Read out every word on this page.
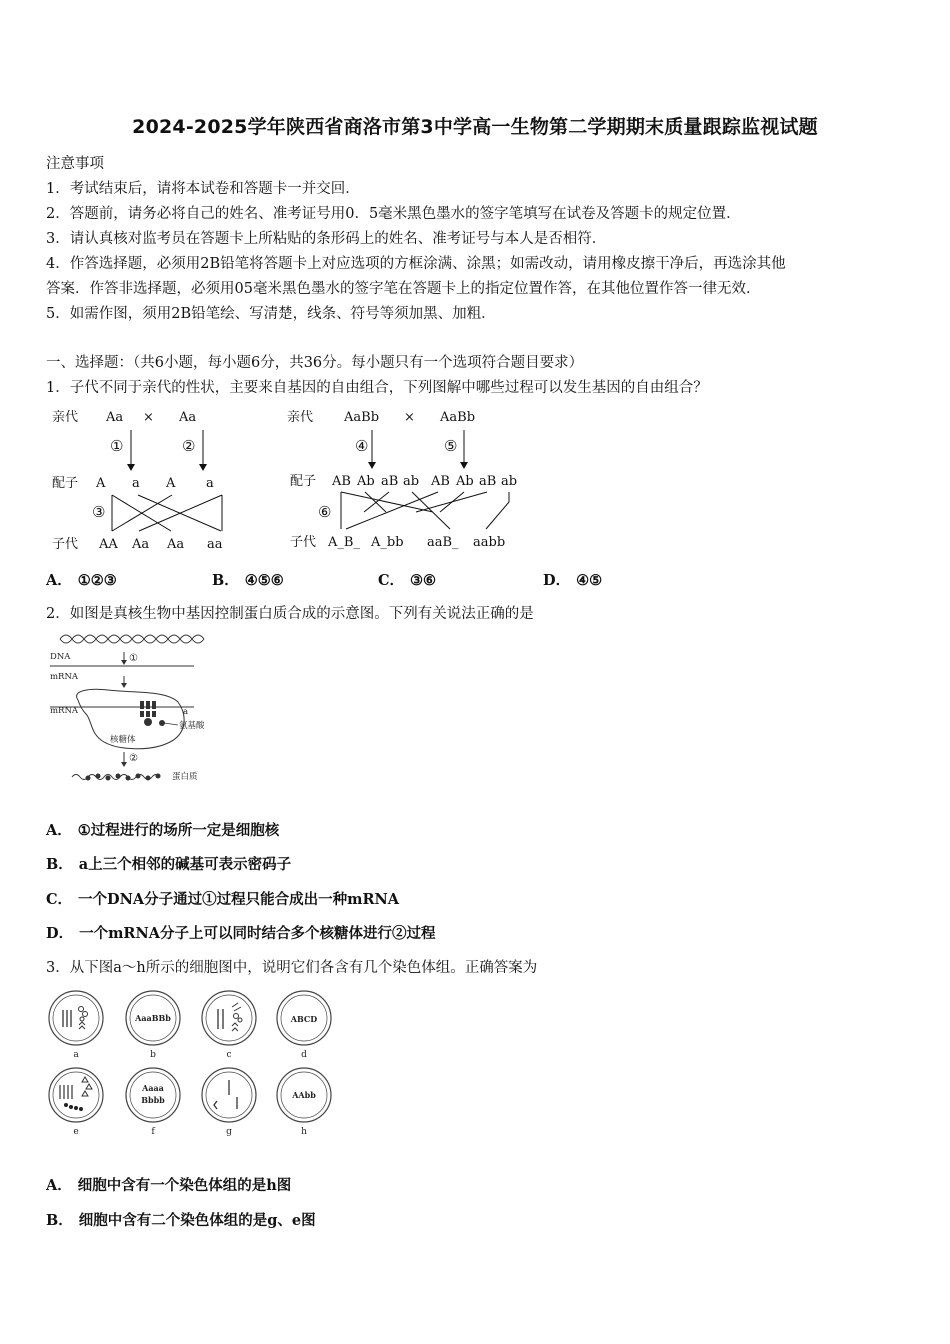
2024-2025学年陕西省商洛市第3中学高一生物第二学期期末质量跟踪监视试题
注意事项
1．考试结束后，请将本试卷和答题卡一并交回．
2．答题前，请务必将自己的姓名、准考证号用0．5毫米黑色墨水的签字笔填写在试卷及答题卡的规定位置．
3．请认真核对监考员在答题卡上所粘贴的条形码上的姓名、准考证号与本人是否相符．
4．作答选择题，必须用2B铅笔将答题卡上对应选项的方框涂满、涂黑；如需改动，请用橡皮擦干净后，再选涂其他
答案．作答非选择题，必须用05毫米黑色墨水的签字笔在答题卡上的指定位置作答，在其他位置作答一律无效．
5．如需作图，须用2B铅笔绘、写清楚，线条、符号等须加黑、加粗．
一、选择题：（共6小题，每小题6分，共36分。每小题只有一个选项符合题目要求）
1．子代不同于亲代的性状，主要来自基因的自由组合，下列图解中哪些过程可以发生基因的自由组合？
亲代 Aa × Aa
①	②
配子 A a A a
③
子代 AA Aa Aa aa
亲代 AaBb × AaBb
④	⑤
配子 AB Ab aB ab AB Ab aB ab
⑥
子代 A_B_ A_bb aaB_ aabb
A． ①②③	B． ④⑤⑥	C． ③⑥	D． ④⑤
2．如图是真核生物中基因控制蛋白质合成的示意图。下列有关说法正确的是
DNA
mRNA
mRNA
①
②
a
氨基酸
核糖体
蛋白质
A． ①过程进行的场所一定是细胞核
B． a上三个相邻的碱基可表示密码子
C． 一个DNA分子通过①过程只能合成出一种mRNA
D． 一个mRNA分子上可以同时结合多个核糖体进行②过程
3．从下图a～h所示的细胞图中，说明它们各含有几个染色体组。正确答案为
AaaBBb	ABCD
Aaaa
Bbbb	AAbb
a	b	c	d
e	f	g	h
A． 细胞中含有一个染色体组的是h图
B． 细胞中含有二个染色体组的是g、e图
